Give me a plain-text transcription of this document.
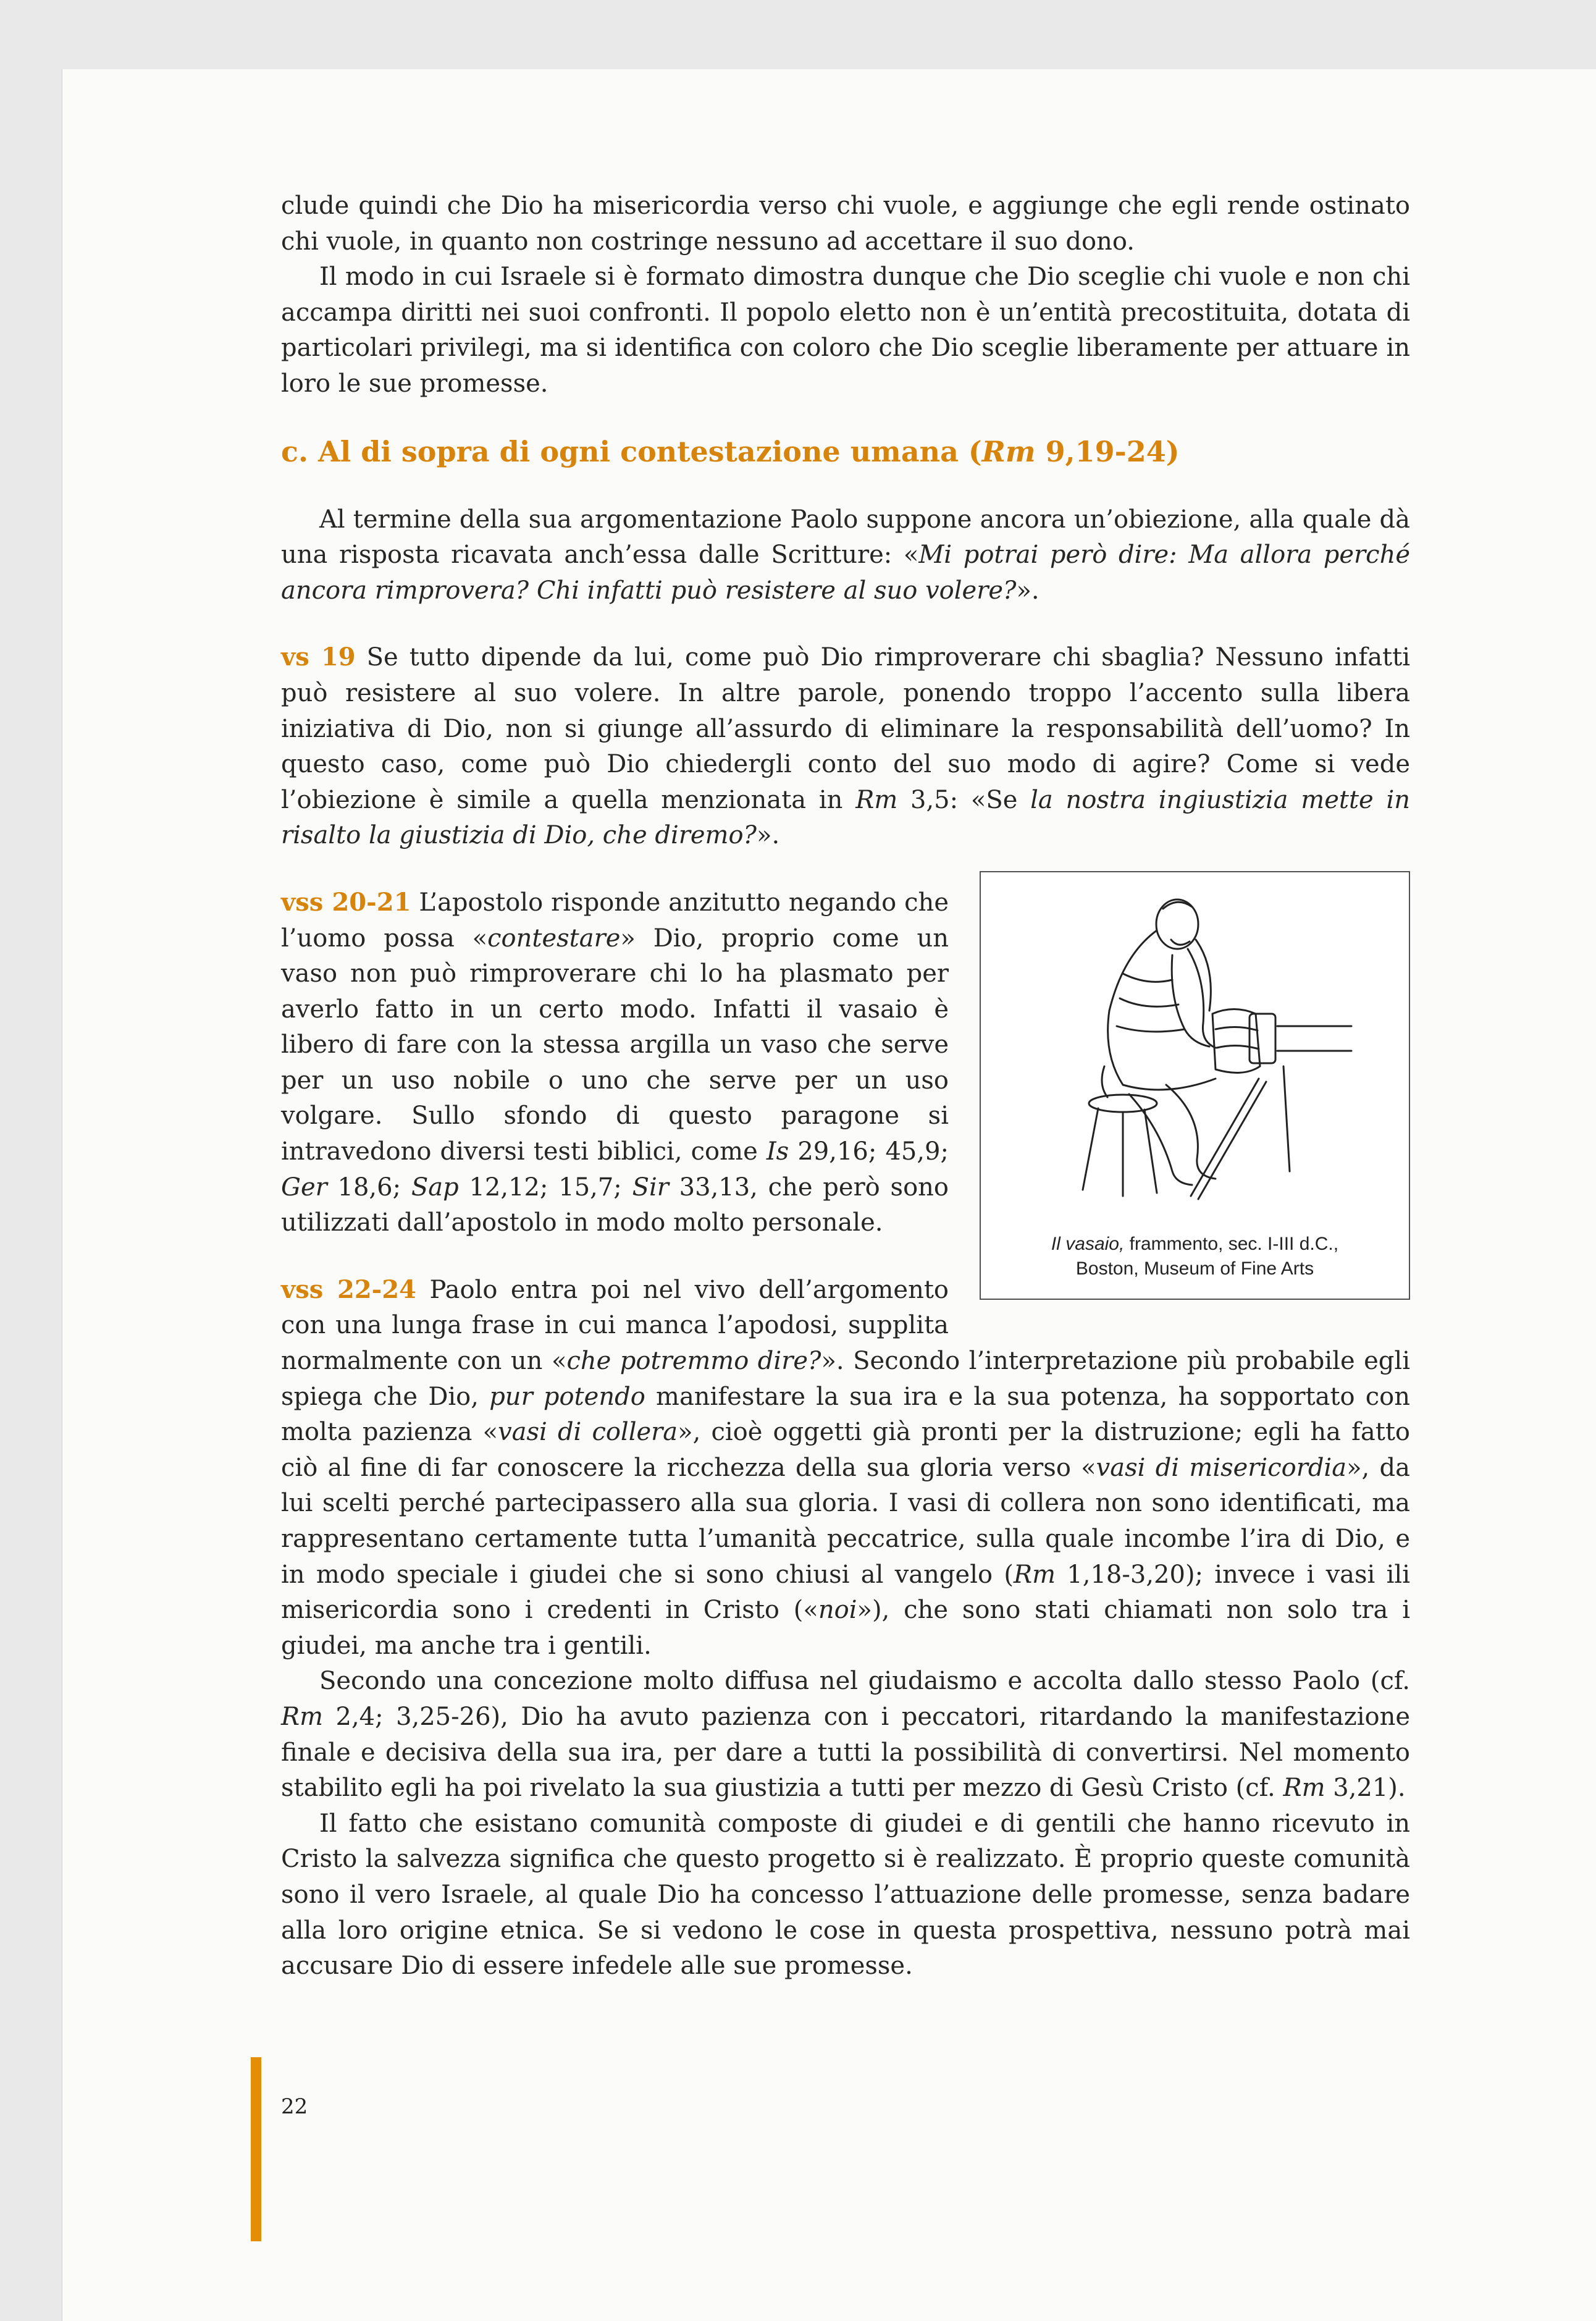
clude quindi che Dio ha misericordia verso chi vuole, e aggiunge che egli rende ostinato chi vuole, in quanto non costringe nessuno ad accettare il suo dono.

Il modo in cui Israele si è formato dimostra dunque che Dio sceglie chi vuole e non chi accampa diritti nei suoi confronti. Il popolo eletto non è un’entità precostituita, dotata di particolari privilegi, ma si identifica con coloro che Dio sceglie liberamente per attuare in loro le sue promesse.

c. Al di sopra di ogni contestazione umana (Rm 9,19-24)

Al termine della sua argomentazione Paolo suppone ancora un’obiezione, alla quale dà una risposta ricavata anch’essa dalle Scritture: «Mi potrai però dire: Ma allora perché ancora rimprovera? Chi infatti può resistere al suo volere?».

vs 19 Se tutto dipende da lui, come può Dio rimproverare chi sbaglia? Nessuno infatti può resistere al suo volere. In altre parole, ponendo troppo l’accento sulla libera iniziativa di Dio, non si giunge all’assurdo di eliminare la responsabilità dell’uomo? In questo caso, come può Dio chiedergli conto del suo modo di agire? Come si vede l’obiezione è simile a quella menzionata in Rm 3,5: «Se la nostra ingiustizia mette in risalto la giustizia di Dio, che diremo?».

Il vasaio, frammento, sec. I-III d.C.,
Boston, Museum of Fine Arts

vss 20-21 L’apostolo risponde anzitutto negando che l’uomo possa «contestare» Dio, proprio come un vaso non può rimproverare chi lo ha plasmato per averlo fatto in un certo modo. Infatti il vasaio è libero di fare con la stessa argilla un vaso che serve per un uso nobile o uno che serve per un uso volgare. Sullo sfondo di questo paragone si intravedono diversi testi biblici, come Is 29,16; 45,9; Ger 18,6; Sap 12,12; 15,7; Sir 33,13, che però sono utilizzati dall’apostolo in modo molto personale.

vss 22-24 Paolo entra poi nel vivo dell’argomento con una lunga frase in cui manca l’apodosi, supplita normalmente con un «che potremmo dire?». Secondo l’interpretazione più probabile egli spiega che Dio, pur potendo manifestare la sua ira e la sua potenza, ha sopportato con molta pazienza «vasi di collera», cioè oggetti già pronti per la distruzione; egli ha fatto ciò al fine di far conoscere la ricchezza della sua gloria verso «vasi di misericordia», da lui scelti perché partecipassero alla sua gloria. I vasi di collera non sono identificati, ma rappresentano certamente tutta l’umanità peccatrice, sulla quale incombe l’ira di Dio, e in modo speciale i giudei che si sono chiusi al vangelo (Rm 1,18-3,20); invece i vasi ili misericordia sono i credenti in Cristo («noi»), che sono stati chiamati non solo tra i giudei, ma anche tra i gentili.

Secondo una concezione molto diffusa nel giudaismo e accolta dallo stesso Paolo (cf. Rm 2,4; 3,25-26), Dio ha avuto pazienza con i peccatori, ritardando la manifestazione finale e decisiva della sua ira, per dare a tutti la possibilità di convertirsi. Nel momento stabilito egli ha poi rivelato la sua giustizia a tutti per mezzo di Gesù Cristo (cf. Rm 3,21).

Il fatto che esistano comunità composte di giudei e di gentili che hanno ricevuto in Cristo la salvezza significa che questo progetto si è realizzato. È proprio queste comunità sono il vero Israele, al quale Dio ha concesso l’attuazione delle promesse, senza badare alla loro origine etnica. Se si vedono le cose in questa prospettiva, nessuno potrà mai accusare Dio di essere infedele alle sue promesse.

22
